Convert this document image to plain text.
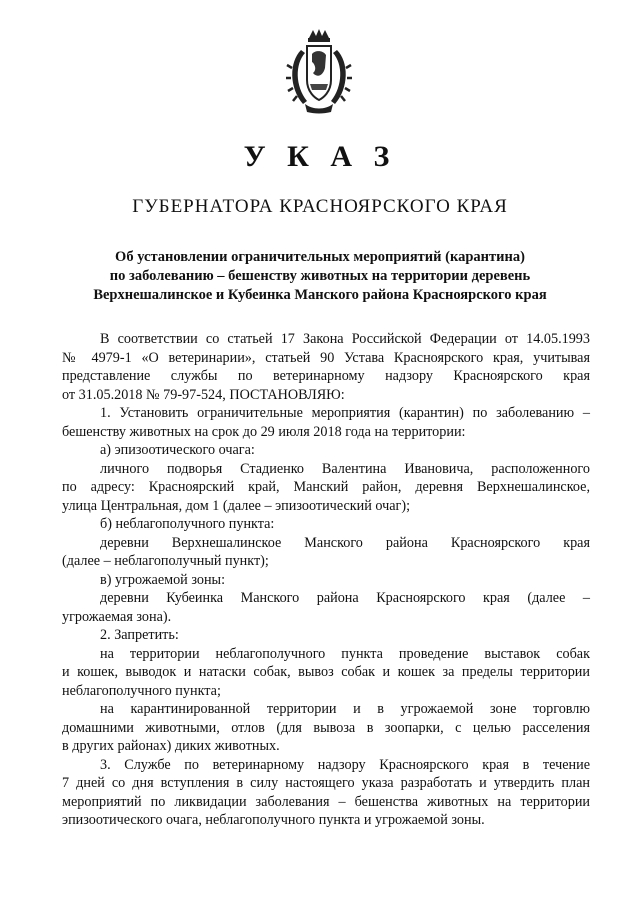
У К А З
ГУБЕРНАТОРА КРАСНОЯРСКОГО КРАЯ
Об установлении ограничительных мероприятий (карантина)
по заболеванию – бешенству животных на территории деревень
Верхнешалинское и Кубеинка Манского района Красноярского края
В соответствии со статьей 17 Закона Российской Федерации от 14.05.1993
№ 4979-1 «О ветеринарии», статьей 90 Устава Красноярского края, учитывая
представление службы по ветеринарному надзору Красноярского края
от 31.05.2018 № 79-97-524, ПОСТАНОВЛЯЮ:
1. Установить ограничительные мероприятия (карантин) по заболеванию –
бешенству животных на срок до 29 июля 2018 года на территории:
а) эпизоотического очага:
личного подворья Стадиенко Валентина Ивановича, расположенного
по адресу: Красноярский край, Манский район, деревня Верхнешалинское,
улица Центральная, дом 1 (далее – эпизоотический очаг);
б) неблагополучного пункта:
деревни Верхнешалинское Манского района Красноярского края
(далее – неблагополучный пункт);
в) угрожаемой зоны:
деревни Кубеинка Манского района Красноярского края (далее –
угрожаемая зона).
2. Запретить:
на территории неблагополучного пункта проведение выставок собак
и кошек, выводок и натаски собак, вывоз собак и кошек за пределы территории
неблагополучного пункта;
на карантинированной территории и в угрожаемой зоне торговлю
домашними животными, отлов (для вывоза в зоопарки, с целью расселения
в других районах) диких животных.
3. Службе по ветеринарному надзору Красноярского края в течение
7 дней со дня вступления в силу настоящего указа разработать и утвердить план
мероприятий по ликвидации заболевания – бешенства животных на территории
эпизоотического очага, неблагополучного пункта и угрожаемой зоны.
